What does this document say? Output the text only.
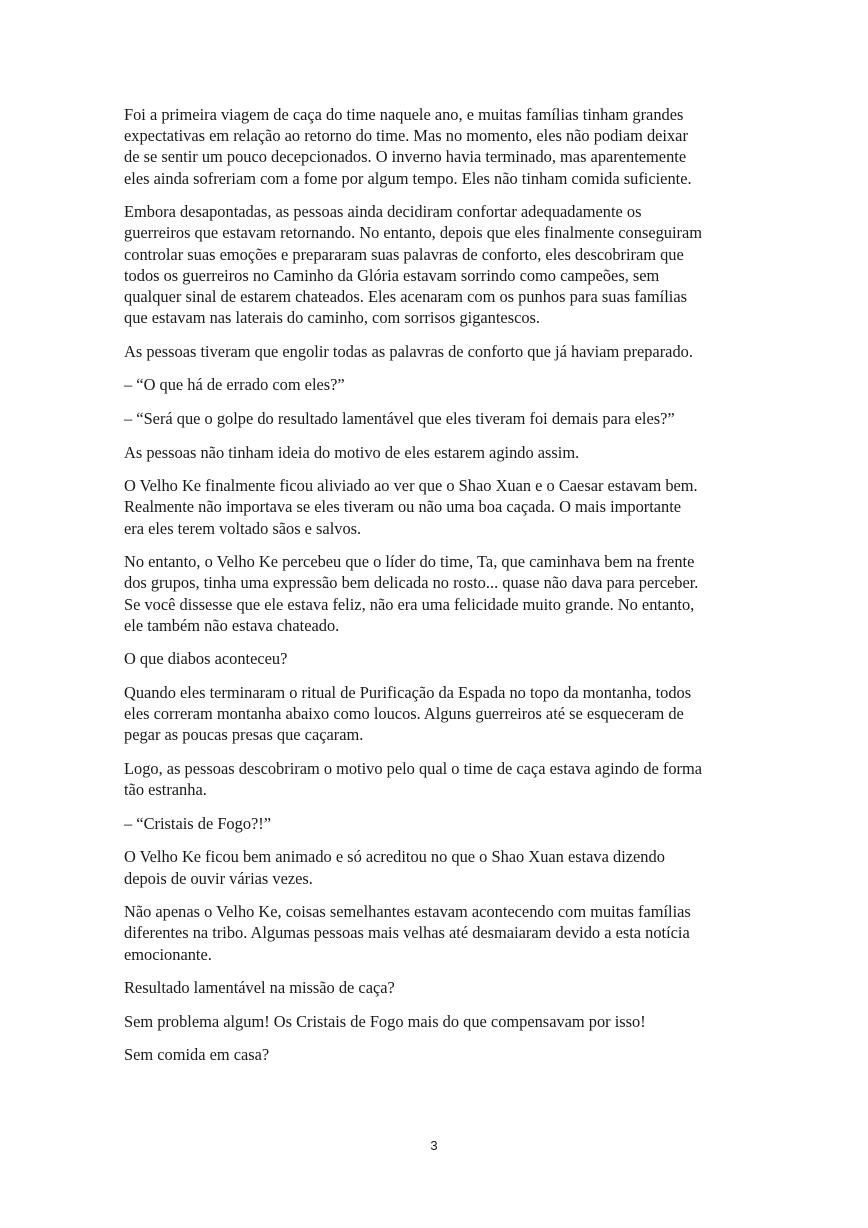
Foi a primeira viagem de caça do time naquele ano, e muitas famílias tinham grandes
expectativas em relação ao retorno do time. Mas no momento, eles não podiam deixar
de se sentir um pouco decepcionados. O inverno havia terminado, mas aparentemente
eles ainda sofreriam com a fome por algum tempo. Eles não tinham comida suficiente.

Embora desapontadas, as pessoas ainda decidiram confortar adequadamente os
guerreiros que estavam retornando. No entanto, depois que eles finalmente conseguiram
controlar suas emoções e prepararam suas palavras de conforto, eles descobriram que
todos os guerreiros no Caminho da Glória estavam sorrindo como campeões, sem
qualquer sinal de estarem chateados. Eles acenaram com os punhos para suas famílias
que estavam nas laterais do caminho, com sorrisos gigantescos.

As pessoas tiveram que engolir todas as palavras de conforto que já haviam preparado.

– “O que há de errado com eles?”

– “Será que o golpe do resultado lamentável que eles tiveram foi demais para eles?”

As pessoas não tinham ideia do motivo de eles estarem agindo assim.

O Velho Ke finalmente ficou aliviado ao ver que o Shao Xuan e o Caesar estavam bem.
Realmente não importava se eles tiveram ou não uma boa caçada. O mais importante
era eles terem voltado sãos e salvos.

No entanto, o Velho Ke percebeu que o líder do time, Ta, que caminhava bem na frente
dos grupos, tinha uma expressão bem delicada no rosto... quase não dava para perceber.
Se você dissesse que ele estava feliz, não era uma felicidade muito grande. No entanto,
ele também não estava chateado.

O que diabos aconteceu?

Quando eles terminaram o ritual de Purificação da Espada no topo da montanha, todos
eles correram montanha abaixo como loucos. Alguns guerreiros até se esqueceram de
pegar as poucas presas que caçaram.

Logo, as pessoas descobriram o motivo pelo qual o time de caça estava agindo de forma
tão estranha.

– “Cristais de Fogo?!”

O Velho Ke ficou bem animado e só acreditou no que o Shao Xuan estava dizendo
depois de ouvir várias vezes.

Não apenas o Velho Ke, coisas semelhantes estavam acontecendo com muitas famílias
diferentes na tribo. Algumas pessoas mais velhas até desmaiaram devido a esta notícia
emocionante.

Resultado lamentável na missão de caça?

Sem problema algum! Os Cristais de Fogo mais do que compensavam por isso!

Sem comida em casa?

3
